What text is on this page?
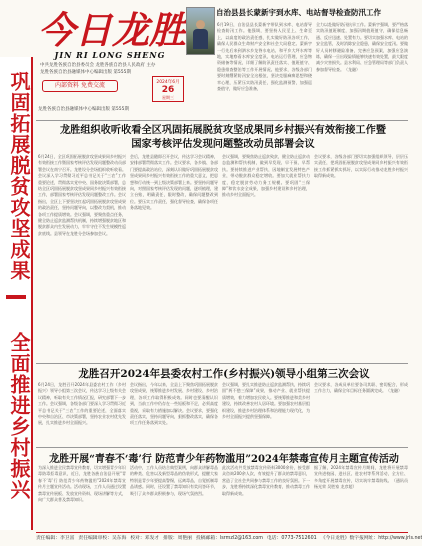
巩固拓展脱贫攻坚成果
全面推进乡村振兴
今日龙胜
JIN RI LONG SHENG
中共龙胜各族自治县委员会 龙胜各族自治县人民政府 主办
龙胜各族自治县融媒体中心编辑出版 第555期
内部资料 免费交流	2024年6月
26
星期三
龙胜各族自治县融媒体中心编辑出版 第555期
自治县县长蒙新宇到水库、电站督导检查防汛工作
6月19日，自治县县长蒙新宇带队到水库、电站督导检查防汛工作。他强调，要坚持人民至上、生命至上，以高度的政治责任感，扎实做好防汛各项工作，确保人民群众生命财产安全和社会大局稳定。蒙新宇一行先后来到泗水乡龙脊水电站、和平乡大坪水库等地，实地察看水库安全度汛、电站运行管理、应急物资储备等情况，详细了解防汛责任落实、值班值守、隐患排查整治等工作开展情况。他要求，各级各部门要时刻绷紧防汛安全这根弦，坚决克服麻痹思想和侥幸心理，压紧压实防汛责任，强化监测预警，加强巡查值守，做好应急准备，
全力以赴做好防汛抗旱工作。蒙新宇强调，要严格落实防汛值班制度，加强汛期值班值守，确保信息畅通、反应迅速、处置有力。要切实加强水库、电站的安全监管，及时消除安全隐患，确保安全度汛。要做好人员转移避险准备，完善应急预案，加强应急演练，确保一旦出现险情能够快速有效处置，最大限度减少灾害损失。县水利局、应急管理局等部门负责人参加督导检查。（龙融）
龙胜组织收听收看全区巩固拓展脱贫攻坚成果同乡村振兴有效衔接工作暨
国家考核评估发现问题整改动员部署会议
6月24日，全区巩固拓展脱贫攻坚成果同乡村振兴有效衔接工作暨国家考核评估发现问题整改动员部署会议在南宁召开。龙胜设分会场组织收听收看。会议深入学习贯彻习近平总书记关于“三农”工作重要论述，贯彻落实党中央、国务院决策部署，总结全区巩固拓展脱贫攻坚成果同乡村振兴有效衔接工作，部署国家考核评估发现问题整改工作。会议指出，全区上下要坚决扛起巩固拓展脱贫攻坚成果的政治责任，坚持问题导向，以整改为契机，推动各项工作提质增效。会议强调，要聚焦重点任务，健全防止返贫监测帮扶机制，持续增强脱贫地区和脱贫群众内生发展动力，牢牢守住不发生规模性返贫底线。县领导在龙胜分会场参加会议。
会后，龙胜县随即召开会议，传达学习会议精神，安排部署贯彻落实工作。会议要求，各乡镇、各部门要提高政治站位，深刻认识做好巩固拓展脱贫攻坚成果同乡村振兴有效衔接工作的重大意义，把思想和行动统一到上级决策部署上来。要坚持问题导向，对照国家考核评估发现的问题，逐项梳理，建立台账，明确责任，限时整改，确保问题整改到位。要压实工作责任，强化督导检查，确保各项任务落地见效。
会议强调，要聚焦防止返贫致贫，健全防止返贫动态监测和帮扶机制，做到早发现、早干预、早帮扶。要持续推进产业帮扶，因地制宜发展特色产业，带动脱贫群众稳定增收。要加大就业帮扶力度，稳定脱贫劳动力务工规模。要巩固“三保障”和饮水安全成果，加强乡村建设和乡村治理，推动乡村全面振兴。
会议要求，各级各部门要切实加强组织领导，层层压实责任，把巩固拓展脱贫攻坚成果同乡村振兴有效衔接工作抓紧抓实抓好，以实际行动推动龙胜乡村振兴取得新成效。
龙胜召开2024年县委农村工作(乡村振兴)领导小组第三次会议
6月24日，龙胜召开2024年县委农村工作（乡村振兴）领导小组第三次会议，传达学习上级有关会议精神，听取有关工作情况汇报，研究部署下一步工作。会议强调，各级各部门要深入学习贯彻习近平总书记关于“三农”工作的重要论述，全面落实中央和自治区、市决策部署，坚持农业农村优先发展，扎实推进乡村全面振兴。
会议指出，今年以来，全县上下聚焦巩固拓展脱贫攻坚成果，统筹推进乡村发展、乡村建设、乡村治理，各项工作取得积极成效。同时也要清醒认识到，当前工作中仍存在一些短板和不足，必须高度重视，采取有力措施加以解决。会议要求，要强化责任落实，坚持问题导向，狠抓整改落实，确保各项工作任务落到实处。
会议强调，要扎实推进防止返贫监测帮扶，持续巩固“两不愁三保障”成果，推动产业、就业帮扶提质增效，着力增加农民收入。要统筹推进和美乡村建设，持续改善农村人居环境。要加强农村基层组织建设，推进乡村治理体系和治理能力现代化，为乡村全面振兴提供坚强保障。
会议要求，各成员单位要各司其职、密切配合，形成工作合力，确保全年目标任务圆满完成。（龙融）
龙胜开展“青春不‘毒’行 防范青少年药物滥用”2024年禁毒宣传月主题宣传活动
为深入推进全民禁毒宣传教育，切实增强青少年识毒防毒拒毒意识，近日，龙胜各族自治县开展“青春不‘毒’行 防范青少年药物滥用”2024年禁毒宣传月主题宣传活动。活动现场，工作人员通过设置禁毒宣传展板、发放宣传资料、现场讲解等方式，向广大群众普及禁毒知识。
活动中，工作人员结合典型案例，向群众讲解毒品的种类、危害以及新型毒品的伪装形式，提醒大家特别是青少年要提高警惕，远离毒品，自觉抵制毒品诱惑。同时，还设置了禁毒知识有奖问答环节，吸引了众多群众积极参与，现场气氛热烈。
此次活动共发放禁毒宣传资料3000余份，接受群众咨询200余人次，有效提升了群众的禁毒意识，营造了全社会共同参与禁毒工作的良好氛围。下一步，龙胜将持续深化禁毒宣传教育，推动禁毒工作取得新成效。
据了解，2024年禁毒宣传月期间，龙胜将开展禁毒宣传进校园、进社区、进农村等系列活动，全方位、多角度开展禁毒宣传，切实筑牢禁毒防线。（通讯员 杨光荣 吴胜家 龙彦超）
责任编辑：李卫富 责任编辑审校：吴东海 校对：邓发才 排版：周艳丽 投稿邮箱：lsrmzl2@163.com 电话：0773-7512601 《今日龙胜》数字报网址：http://www.jrls.net
